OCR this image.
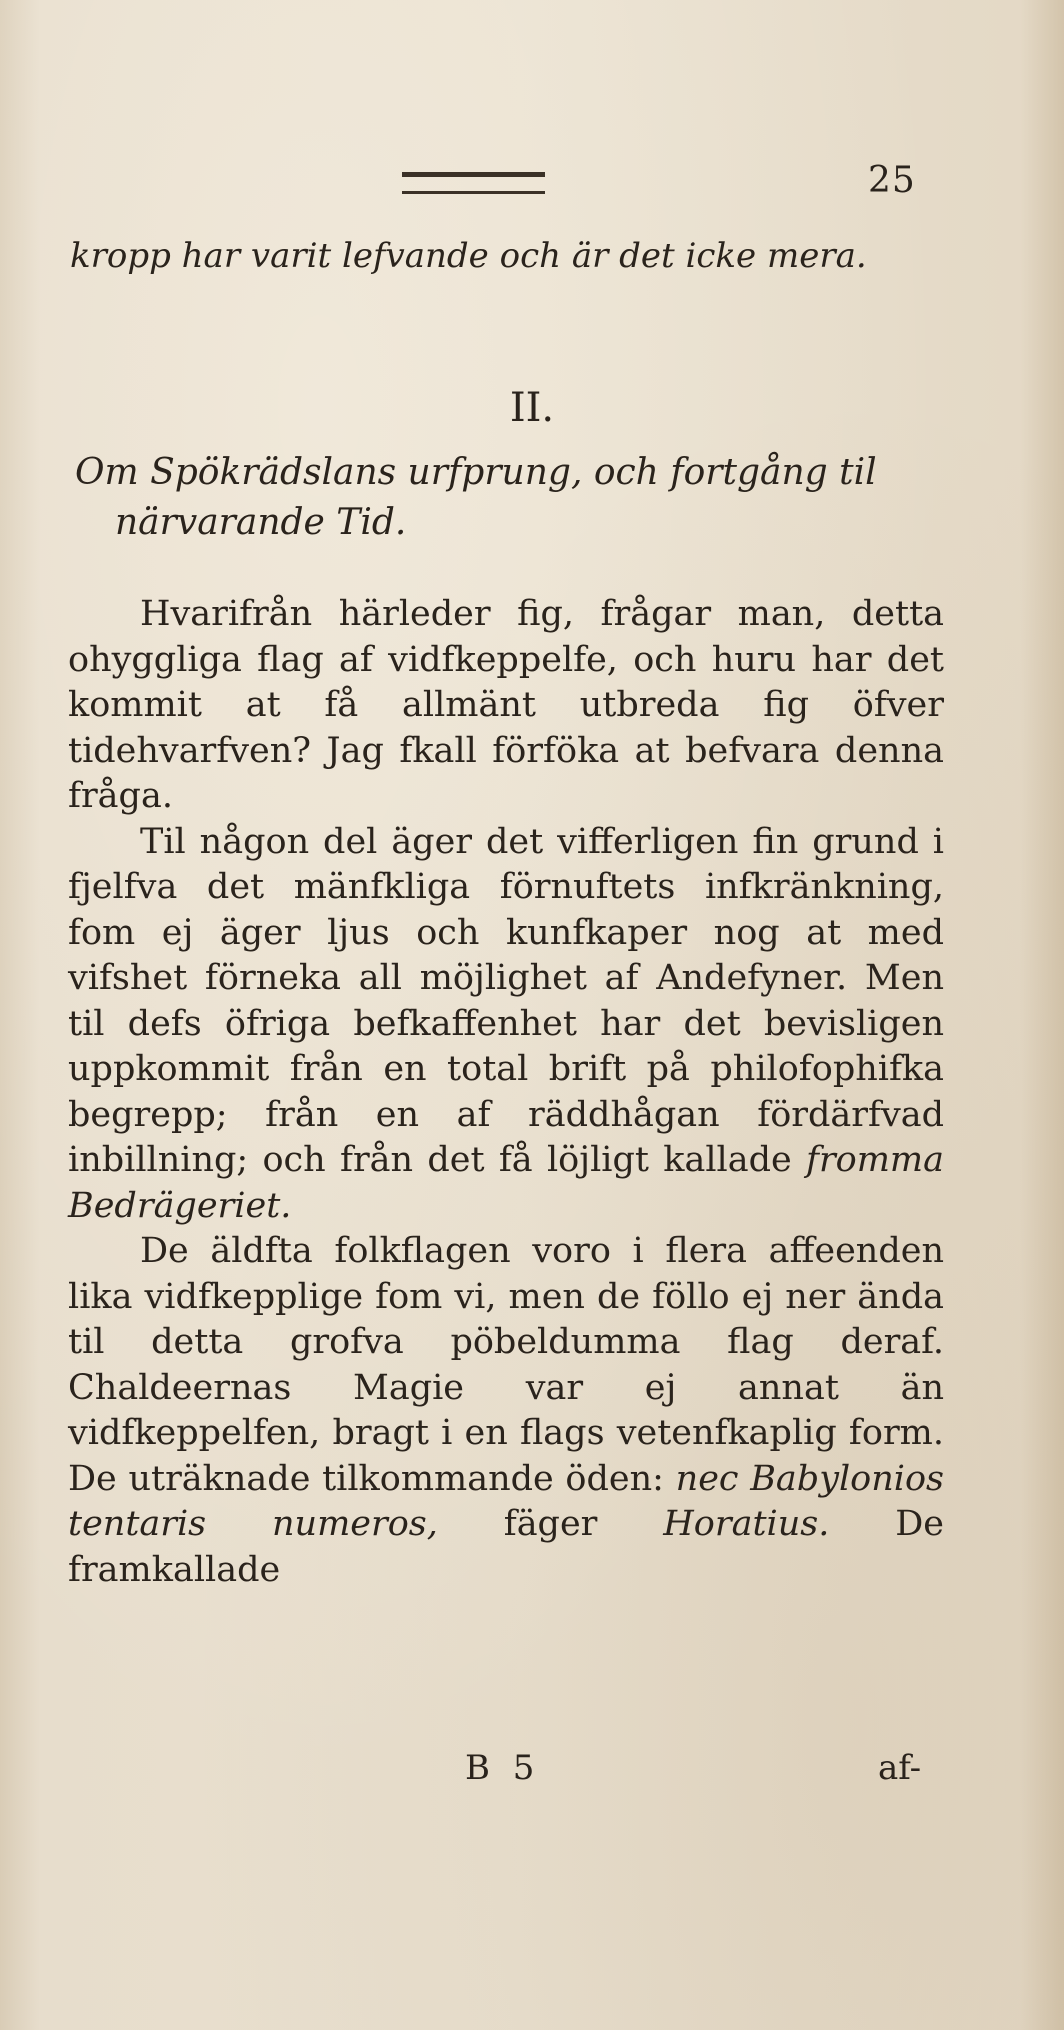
25
kropp har varit lefvande och är det icke mera.
II.
Om Spökrädslans urfprung, och fortgång til närvarande Tid.

Hvarifrån härleder fig, frågar man, detta ohyggliga flag af vidfkeppelfe, och huru har det kommit at få allmänt utbreda fig öfver tidehvarfven? Jag fkall förföka at befvara denna fråga.

Til någon del äger det vifferligen fin grund i fjelfva det mänfkliga förnuftets infkränkning, fom ej äger ljus och kunfkaper nog at med vifshet förneka all möjlighet af Andefyner. Men til defs öfriga befkaffenhet har det bevisligen uppkommit från en total brift på philofophifka begrepp; från en af räddhågan fördärfvad inbillning; och från det få löjligt kallade fromma Bedrägeriet.

De äldfta folkflagen voro i flera affeenden lika vidfkepplige fom vi, men de föllo ej ner ända til detta grofva pöbeldumma flag deraf. Chaldeernas Magie var ej annat än vidfkeppelfen, bragt i en flags vetenfkaplig form. De uträknade tilkommande öden: nec Babylonios tentaris numeros, fäger Horatius. De framkallade

B 5	af-
